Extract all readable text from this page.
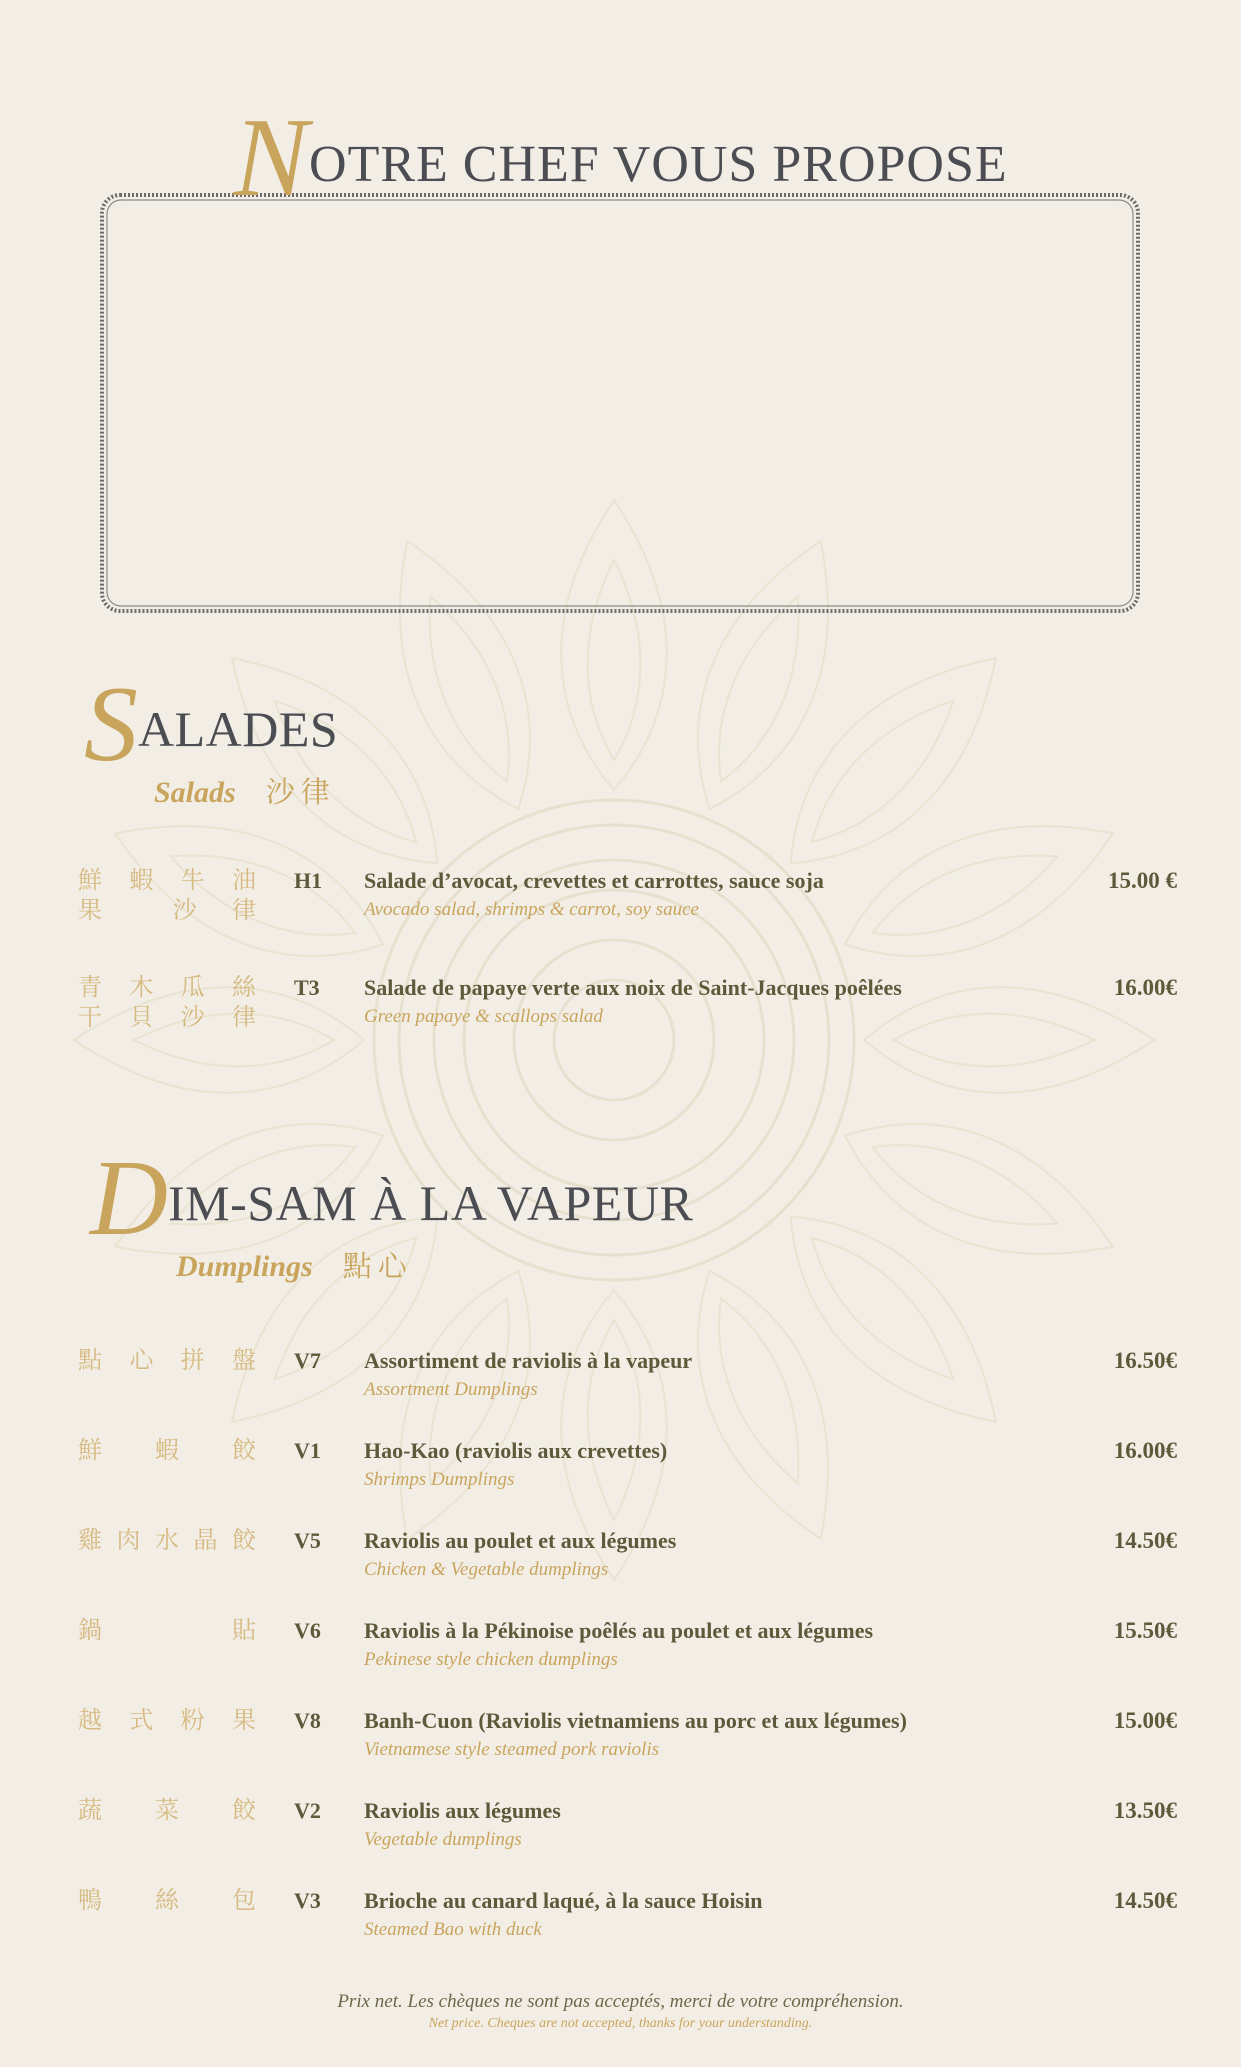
NOTRE CHEF VOUS PROPOSE
SALADES
Salads 沙律
鮮 蝦 牛 油
果	沙 律
H1 Salade d’avocat, crevettes et carrottes, sauce soja
Avocado salad, shrimps & carrot, soy sauce
15.00 €
青 木 瓜 絲
干 貝 沙 律
T3 Salade de papaye verte aux noix de Saint-Jacques poêlées
Green papaye & scallops salad
16.00€
DIM-SAM À LA VAPEUR
Dumplings 點心
點 心 拼 盤 V7 Assortiment de raviolis à la vapeur
Assortment Dumplings
16.50€
鮮 蝦 餃 V1 Hao-Kao (raviolis aux crevettes)
Shrimps Dumplings
16.00€
雞 肉 水 晶 餃 V5 Raviolis au poulet et aux légumes
Chicken & Vegetable dumplings
14.50€
鍋	貼 V6 Raviolis à la Pékinoise poêlés au poulet et aux légumes
Pekinese style chicken dumplings
15.50€
越 式 粉 果 V8 Banh-Cuon (Raviolis vietnamiens au porc et aux légumes)
Vietnamese style steamed pork raviolis
15.00€
蔬 菜 餃 V2 Raviolis aux légumes
Vegetable dumplings
13.50€
鴨 絲 包 V3 Brioche au canard laqué, à la sauce Hoisin
Steamed Bao with duck
14.50€
Prix net. Les chèques ne sont pas acceptés, merci de votre compréhension.
Net price. Cheques are not accepted, thanks for your understanding.
